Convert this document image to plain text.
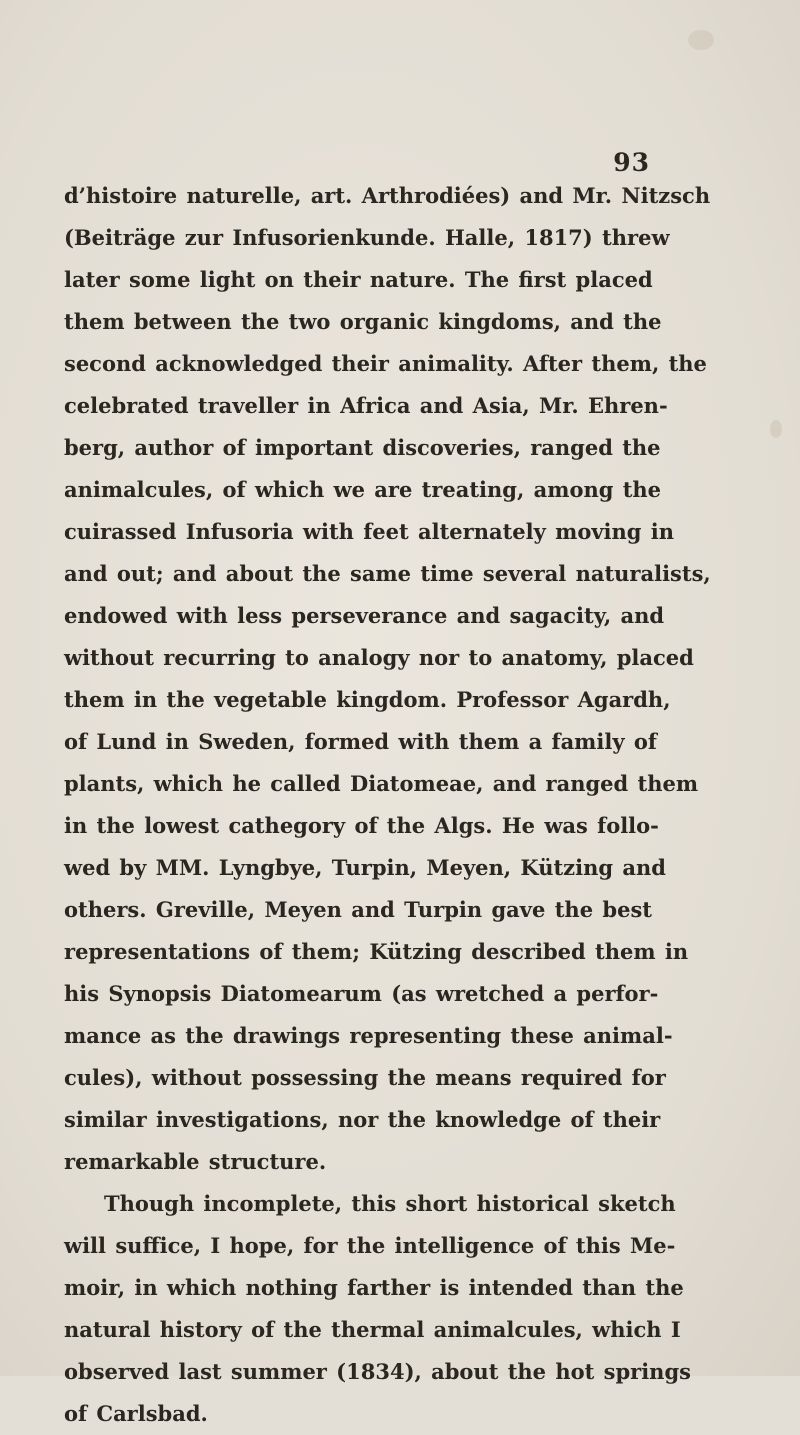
93
d’histoire naturelle, art. Arthrodiées) and Mr. Nitzsch
(Beiträge zur Infusorienkunde. Halle, 1817) threw
later some light on their nature. The first placed
them between the two organic kingdoms, and the
second acknowledged their animality. After them, the
celebrated traveller in Africa and Asia, Mr. Ehren-
berg, author of important discoveries, ranged the
animalcules, of which we are treating, among the
cuirassed Infusoria with feet alternately moving in
and out; and about the same time several naturalists,
endowed with less perseverance and sagacity, and
without recurring to analogy nor to anatomy, placed
them in the vegetable kingdom. Professor Agardh,
of Lund in Sweden, formed with them a family of
plants, which he called Diatomeae, and ranged them
in the lowest cathegory of the Algs. He was follo-
wed by MM. Lyngbye, Turpin, Meyen, Kützing and
others. Greville, Meyen and Turpin gave the best
representations of them; Kützing described them in
his Synopsis Diatomearum (as wretched a perfor-
mance as the drawings representing these animal-
cules), without possessing the means required for
similar investigations, nor the knowledge of their
remarkable structure.
Though incomplete, this short historical sketch
will suffice, I hope, for the intelligence of this Me-
moir, in which nothing farther is intended than the
natural history of the thermal animalcules, which I
observed last summer (1834), about the hot springs
of Carlsbad.
